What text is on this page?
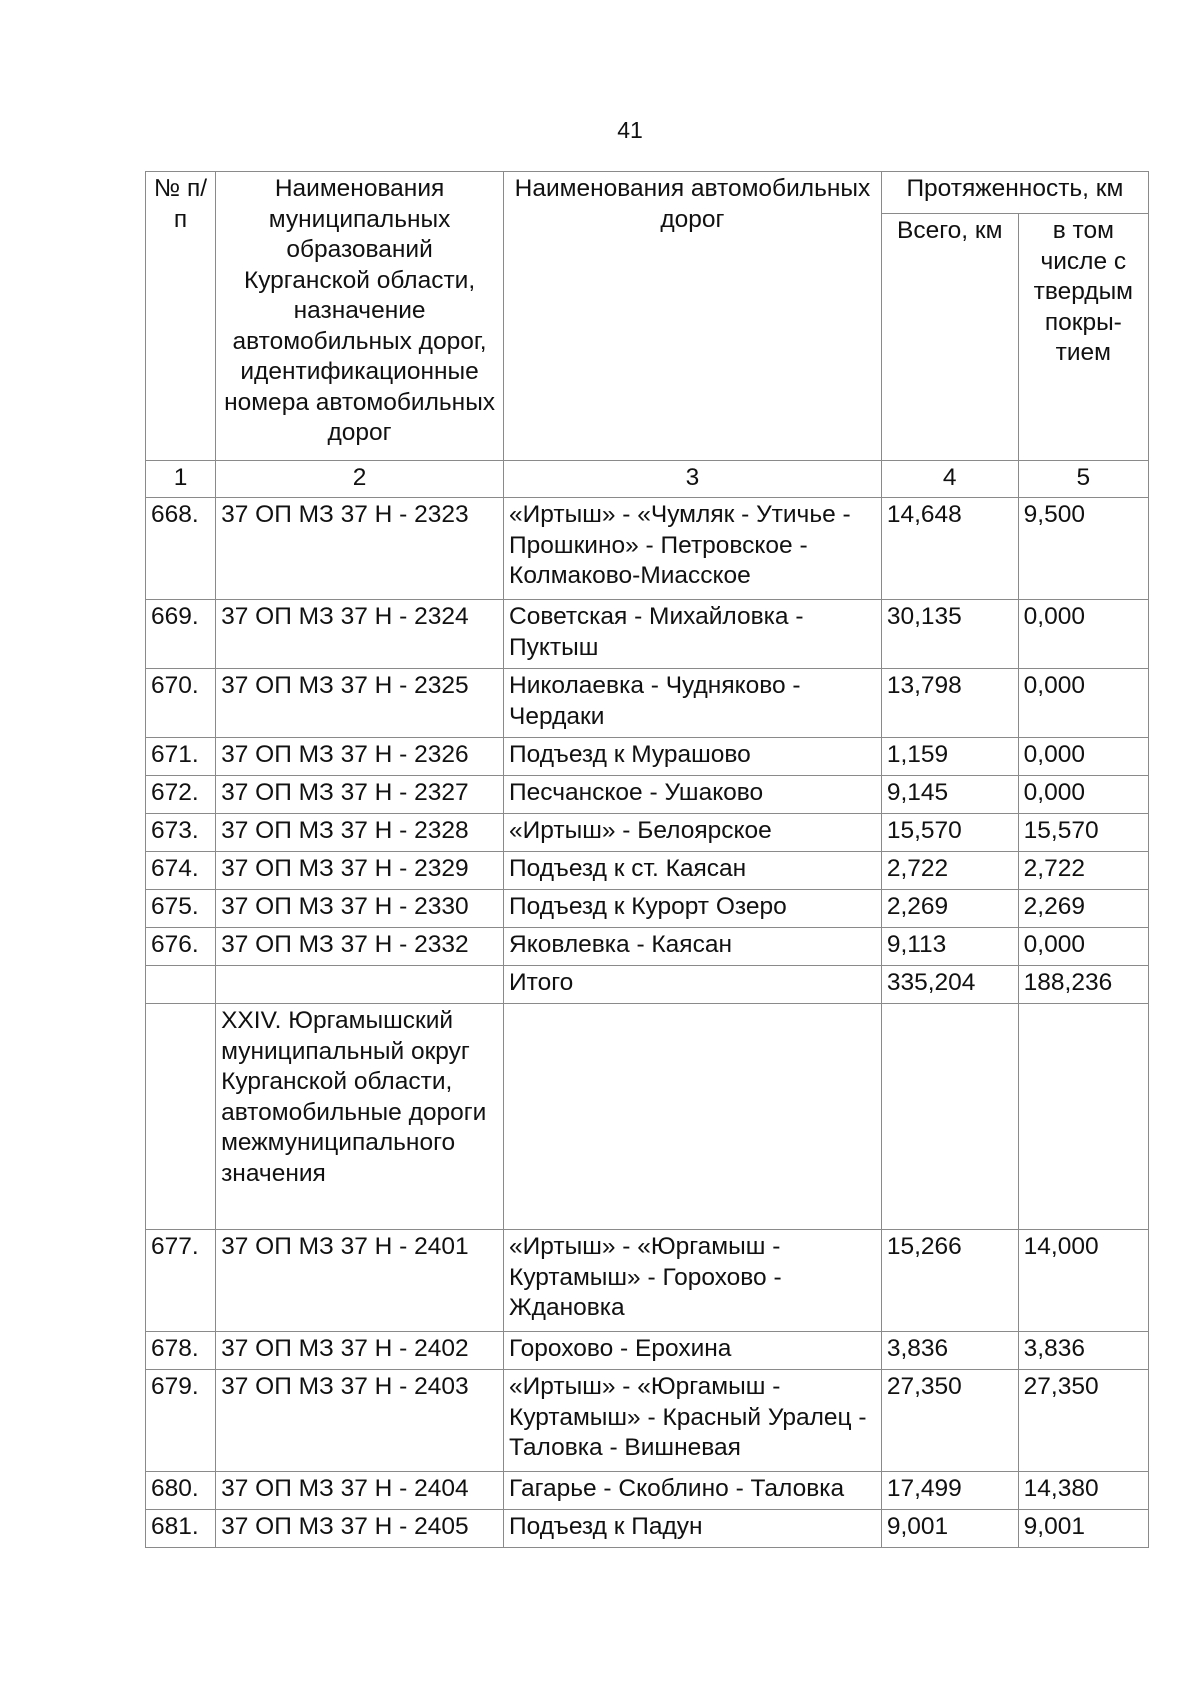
41
№ п/п	Наименования муниципальных образований Курганской области, назначение автомобильных дорог, идентификационные номера автомобильных дорог	Наименования автомобильных дорог	Протяженность, км	
			Всего, км	в том числе с твердым покры-тием
1	2	3	4	5
668.	37 ОП МЗ 37 Н - 2323	«Иртыш» - «Чумляк - Утичье - Прошкино» - Петровское - Колмаково-Миасское	14,648	9,500
669.	37 ОП МЗ 37 Н - 2324	Советская - Михайловка - Пуктыш	30,135	0,000
670.	37 ОП МЗ 37 Н - 2325	Николаевка - Чудняково - Чердаки	13,798	0,000
671.	37 ОП МЗ 37 Н - 2326	Подъезд к Мурашово	1,159	0,000
672.	37 ОП МЗ 37 Н - 2327	Песчанское - Ушаково	9,145	0,000
673.	37 ОП МЗ 37 Н - 2328	«Иртыш» - Белоярское	15,570	15,570
674.	37 ОП МЗ 37 Н - 2329	Подъезд к ст. Каясан	2,722	2,722
675.	37 ОП МЗ 37 Н - 2330	Подъезд к Курорт Озеро	2,269	2,269
676.	37 ОП МЗ 37 Н - 2332	Яковлевка - Каясан	9,113	0,000
		Итого	335,204	188,236
	XXIV. Юргамышский муниципальный округ Курганской области, автомобильные дороги межмуниципального значения			
677.	37 ОП МЗ 37 Н - 2401	«Иртыш» - «Юргамыш - Куртамыш» - Горохово - Ждановка	15,266	14,000
678.	37 ОП МЗ 37 Н - 2402	Горохово - Ерохина	3,836	3,836
679.	37 ОП МЗ 37 Н - 2403	«Иртыш» - «Юргамыш - Куртамыш» - Красный Уралец - Таловка - Вишневая	27,350	27,350
680.	37 ОП МЗ 37 Н - 2404	Гагарье - Скоблино - Таловка	17,499	14,380
681.	37 ОП МЗ 37 Н - 2405	Подъезд к Падун	9,001	9,001
